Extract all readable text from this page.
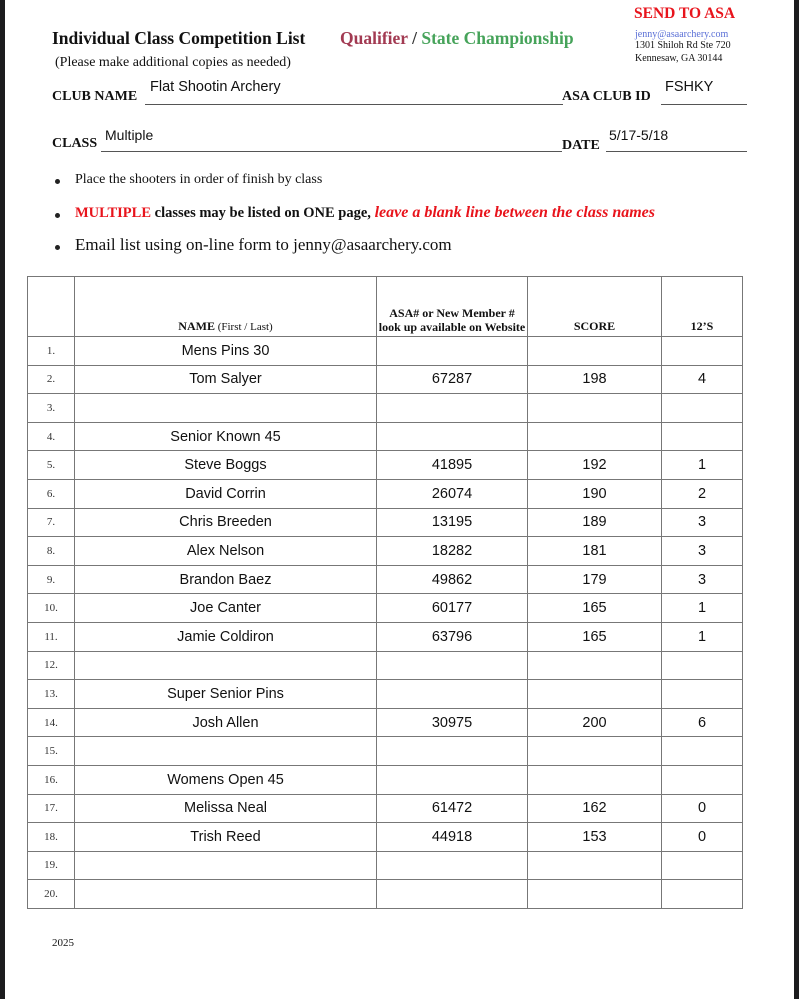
Individual Class Competition List
(Please make additional copies as needed)
Qualifier / State Championship
SEND TO ASA
jenny@asaarchery.com
1301 Shiloh Rd Ste 720
Kennesaw, GA 30144
CLUB NAME
Flat Shootin Archery
ASA CLUB ID
FSHKY
CLASS
Multiple
DATE
5/17-5/18
Place the shooters in order of finish by class
MULTIPLE classes may be listed on ONE page, leave a blank line between the class names
Email list using on-line form to jenny@asaarchery.com
	NAME (First / Last)	ASA# or New Member # look up available on Website	SCORE	12’S
1.	Mens Pins 30			
2.	Tom Salyer	67287	198	4
3.				
4.	Senior Known 45			
5.	Steve Boggs	41895	192	1
6.	David Corrin	26074	190	2
7.	Chris Breeden	13195	189	3
8.	Alex Nelson	18282	181	3
9.	Brandon Baez	49862	179	3
10.	Joe Canter	60177	165	1
11.	Jamie Coldiron	63796	165	1
12.				
13.	Super Senior Pins			
14.	Josh Allen	30975	200	6
15.				
16.	Womens Open 45			
17.	Melissa Neal	61472	162	0
18.	Trish Reed	44918	153	0
19.				
20.				
2025
